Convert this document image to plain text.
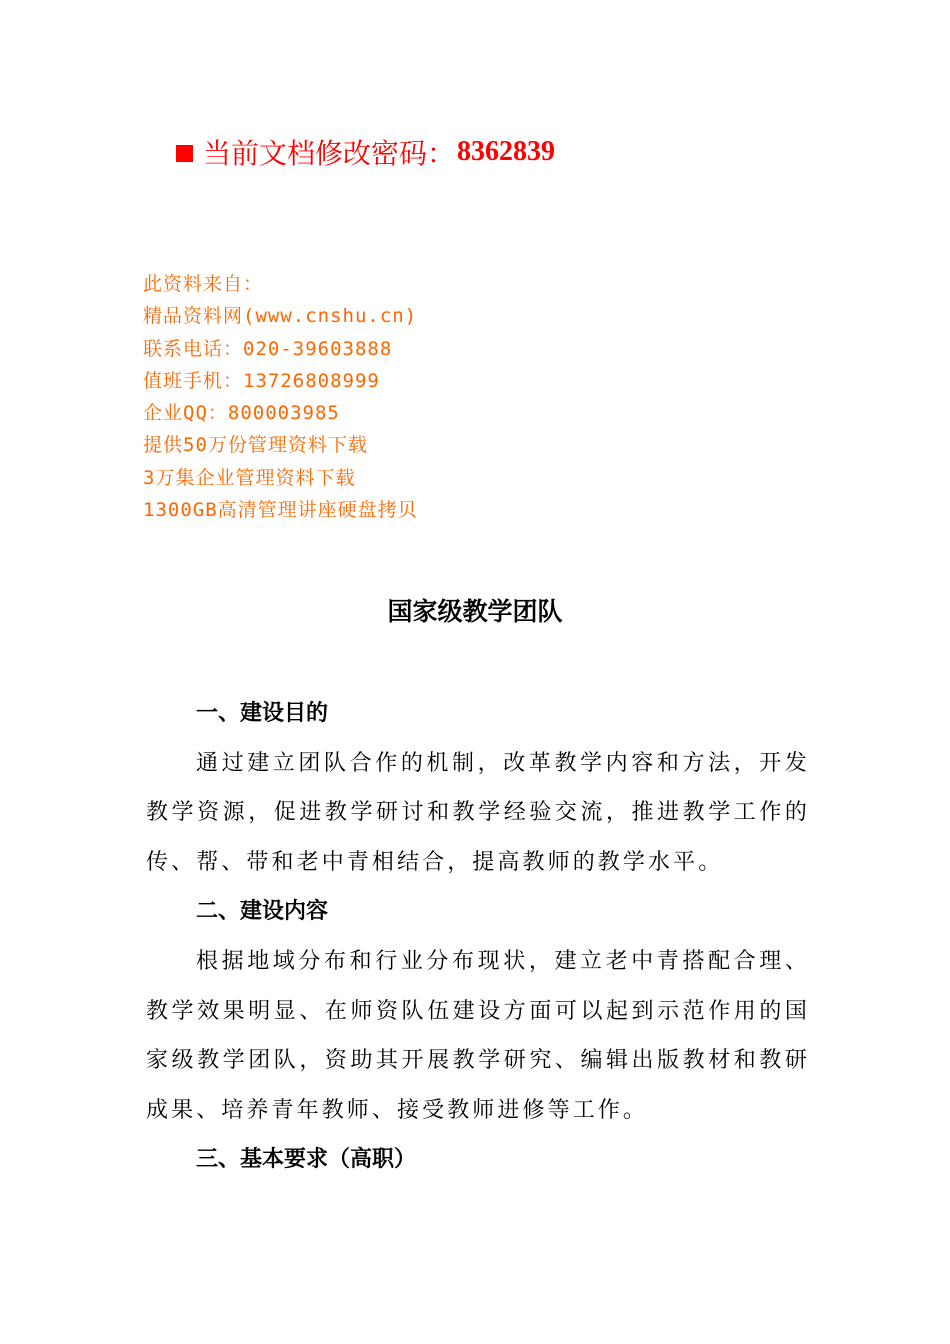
当前文档修改密码： 8362839
此资料来自：
精品资料网(www.cnshu.cn)
联系电话：020-39603888
值班手机：13726808999
企业QQ：800003985
提供50万份管理资料下载
3万集企业管理资料下载
1300GB高清管理讲座硬盘拷贝
国家级教学团队
一、建设目的

通过建立团队合作的机制，改革教学内容和方法，开发教学资源，促进教学研讨和教学经验交流，推进教学工作的传、帮、带和老中青相结合，提高教师的教学水平。

二、建设内容

根据地域分布和行业分布现状，建立老中青搭配合理、教学效果明显、在师资队伍建设方面可以起到示范作用的国家级教学团队，资助其开展教学研究、编辑出版教材和教研成果、培养青年教师、接受教师进修等工作。

三、基本要求（高职）
